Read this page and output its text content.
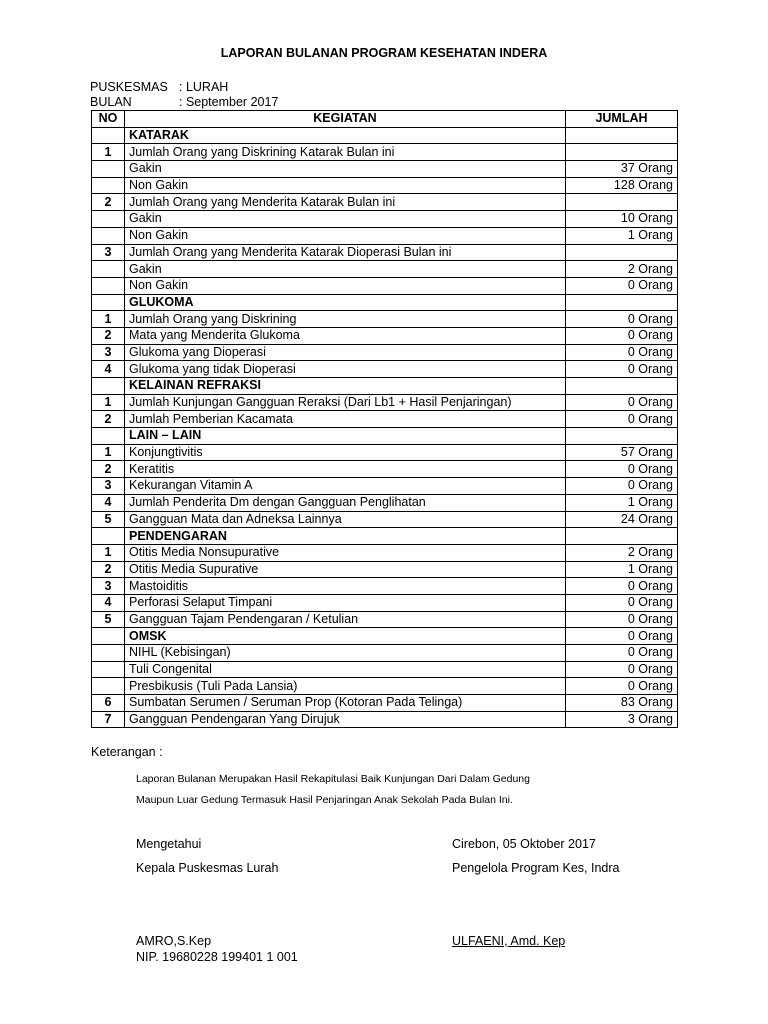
LAPORAN BULANAN PROGRAM KESEHATAN INDERA
PUSKESMAS : LURAH
BULAN	: September 2017
NO	KEGIATAN	JUMLAH
	KATARAK	
1	Jumlah Orang yang Diskrining Katarak Bulan ini	
	Gakin	37 Orang
	Non Gakin	128 Orang
2	Jumlah Orang yang Menderita Katarak Bulan ini	
	Gakin	10 Orang
	Non Gakin	1 Orang
3	Jumlah Orang yang Menderita Katarak Dioperasi Bulan ini	
	Gakin	2 Orang
	Non Gakin	0 Orang
	GLUKOMA	
1	Jumlah Orang yang Diskrining	0 Orang
2	Mata yang Menderita Glukoma	0 Orang
3	Glukoma yang Dioperasi	0 Orang
4	Glukoma yang tidak Dioperasi	0 Orang
	KELAINAN REFRAKSI	
1	Jumlah Kunjungan Gangguan Reraksi (Dari Lb1 + Hasil Penjaringan)	0 Orang
2	Jumlah Pemberian Kacamata	0 Orang
	LAIN – LAIN	
1	Konjungtivitis	57 Orang
2	Keratitis	0 Orang
3	Kekurangan Vitamin A	0 Orang
4	Jumlah Penderita Dm dengan Gangguan Penglihatan	1 Orang
5	Gangguan Mata dan Adneksa Lainnya	24 Orang
	PENDENGARAN	
1	Otitis Media Nonsupurative	2 Orang
2	Otitis Media Supurative	1 Orang
3	Mastoiditis	0 Orang
4	Perforasi Selaput Timpani	0 Orang
5	Gangguan Tajam Pendengaran / Ketulian	0 Orang
	OMSK	0 Orang
	NIHL (Kebisingan)	0 Orang
	Tuli Congenital	0 Orang
	Presbikusis (Tuli Pada Lansia)	0 Orang
6	Sumbatan Serumen / Seruman Prop (Kotoran Pada Telinga)	83 Orang
7	Gangguan Pendengaran Yang Dirujuk	3 Orang
Keterangan :
Laporan Bulanan Merupakan Hasil Rekapitulasi Baik Kunjungan Dari Dalam Gedung
Maupun Luar Gedung Termasuk Hasil Penjaringan Anak Sekolah Pada Bulan Ini.
Mengetahui
Kepala Puskesmas Lurah
AMRO,S.Kep
NIP. 19680228 199401 1 001
Cirebon, 05 Oktober 2017
Pengelola Program Kes, Indra
ULFAENI, Amd. Kep
